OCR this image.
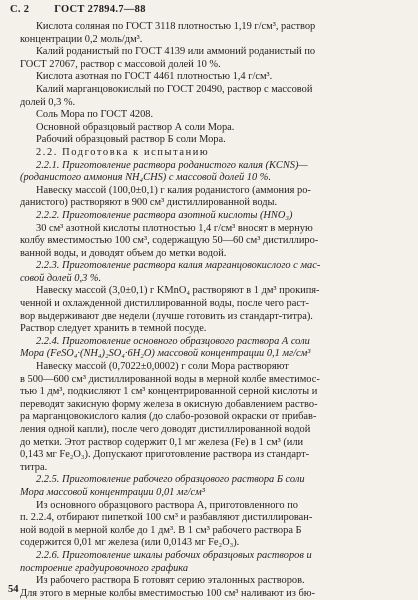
С. 2 ГОСТ 27894.7—88
Кислота соляная по ГОСТ 3118 плотностью 1,19 г/см³, раствор
концентрации 0,2 моль/дм³.
Калий роданистый по ГОСТ 4139 или аммоний роданистый по
ГОСТ 27067, раствор с массовой долей 10 %.
Кислота азотная по ГОСТ 4461 плотностью 1,4 г/см³.
Калий марганцовокислый по ГОСТ 20490, раствор с массовой
долей 0,3 %.
Соль Мора по ГОСТ 4208.
Основной образцовый раствор А соли Мора.
Рабочий образцовый раствор Б соли Мора.
2.2. Подготовка к испытанию
2.2.1. Приготовление раствора роданистого калия (KCNS)—
(роданистого аммония NH₄CHS) с массовой долей 10 %.
Навеску массой (100,0±0,1) г калия роданистого (аммония ро-
данистого) растворяют в 900 см³ дистиллированной воды.
2.2.2. Приготовление раствора азотной кислоты (HNO₃)
30 см³ азотной кислоты плотностью 1,4 г/см³ вносят в мерную
колбу вместимостью 100 см³, содержащую 50—60 см³ дистиллиро-
ванной воды, и доводят объем до метки водой.
2.2.3. Приготовление раствора калия марганцовокислого с мас-
совой долей 0,3 %.
Навеску массой (3,0±0,1) г KMnO₄ растворяют в 1 дм³ прокипя-
ченной и охлажденной дистиллированной воды, после чего раст-
вор выдерживают две недели (лучше готовить из стандарт-титра).
Раствор следует хранить в темной посуде.
2.2.4. Приготовление основного образцового раствора А соли
Мора (FeSO₄·(NH₄)₂SO₄·6H₂O) массовой концентрации 0,1 мг/см³
Навеску массой (0,7022±0,0002) г соли Мора растворяют
в 500—600 см³ дистиллированной воды в мерной колбе вместимос-
тью 1 дм³, подкисляют 1 см³ концентрированной серной кислоты и
переводят закисную форму железа в окисную добавлением раство-
ра марганцовокислого калия (до слабо-розовой окраски от прибав-
ления одной капли), после чего доводят дистиллированной водой
до метки. Этот раствор содержит 0,1 мг железа (Fe) в 1 см³ (или
0,143 мг Fe₂O₃). Допускают приготовление раствора из стандарт-
титра.
2.2.5. Приготовление рабочего образцового раствора Б соли
Мора массовой концентрации 0,01 мг/см³
Из основного образцового раствора А, приготовленного по
п. 2.2.4, отбирают пипеткой 100 см³ и разбавляют дистиллирован-
ной водой в мерной колбе до 1 дм³. В 1 см³ рабочего раствора Б
содержится 0,01 мг железа (или 0,0143 мг Fe₂O₃).
2.2.6. Приготовление шкалы рабочих образцовых растворов и
построение градуировочного графика
Из рабочего раствора Б готовят серию эталонных растворов.
Для этого в мерные колбы вместимостью 100 см³ наливают из бю-
54
